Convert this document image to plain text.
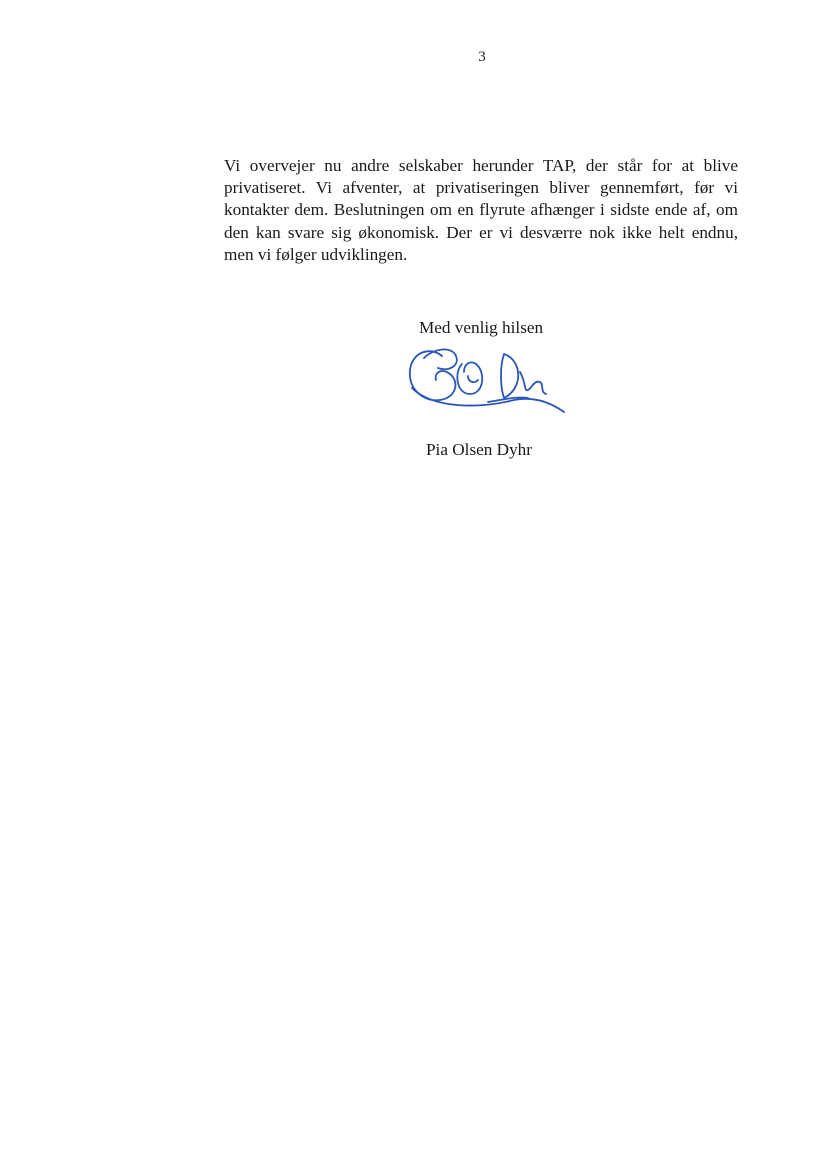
3

Vi overvejer nu andre selskaber herunder TAP, der står for at blive privatiseret. Vi afventer, at privatiseringen bliver gennemført, før vi kontakter dem. Beslutningen om en flyrute afhænger i sidste ende af, om den kan svare sig økonomisk. Der er vi desværre nok ikke helt endnu, men vi følger udviklingen.

Med venlig hilsen
Pia Olsen Dyhr
